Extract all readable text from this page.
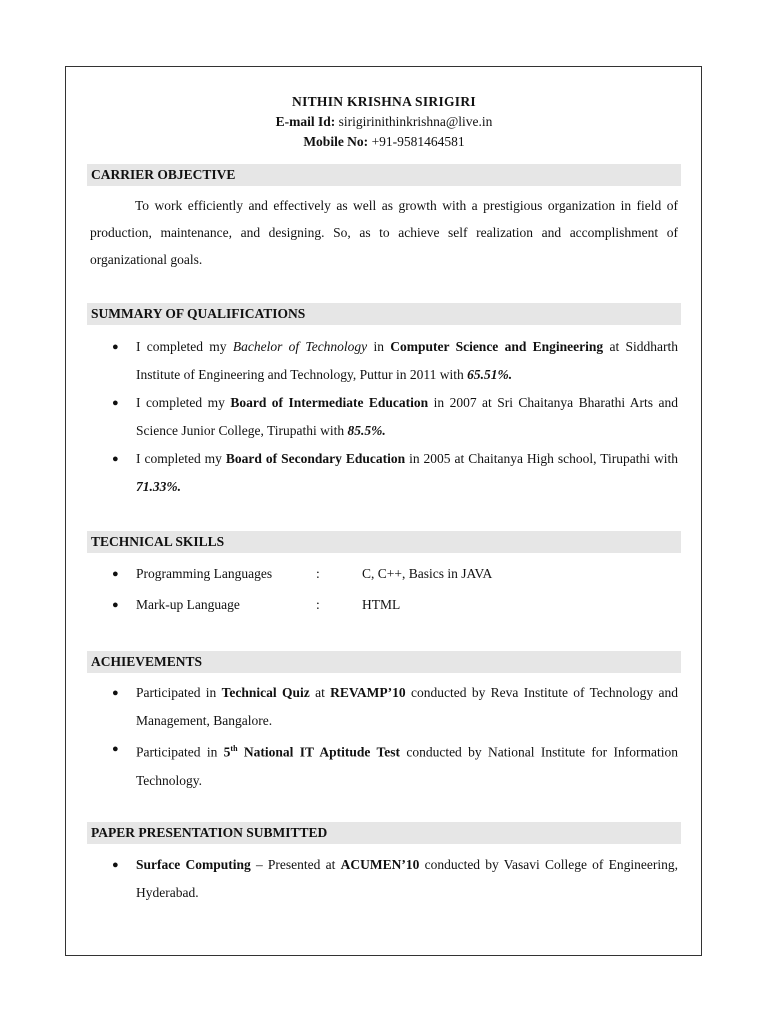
NITHIN KRISHNA SIRIGIRI
E-mail Id: sirigirinithinkrishna@live.in
Mobile No: +91-9581464581
CARRIER OBJECTIVE
To work efficiently and effectively as well as growth with a prestigious organization in field of production, maintenance, and designing. So, as to achieve self realization and accomplishment of organizational goals.
SUMMARY OF QUALIFICATIONS
● I completed my Bachelor of Technology in Computer Science and Engineering at Siddharth Institute of Engineering and Technology, Puttur in 2011 with 65.51%.
● I completed my Board of Intermediate Education in 2007 at Sri Chaitanya Bharathi Arts and Science Junior College, Tirupathi with 85.5%.
● I completed my Board of Secondary Education in 2005 at Chaitanya High school, Tirupathi with 71.33%.
TECHNICAL SKILLS
● Programming Languages	:	C, C++, Basics in JAVA
● Mark-up Language	:	HTML
ACHIEVEMENTS
● Participated in Technical Quiz at REVAMP’10 conducted by Reva Institute of Technology and Management, Bangalore.
● Participated in 5th National IT Aptitude Test conducted by National Institute for Information Technology.
PAPER PRESENTATION SUBMITTED
● Surface Computing – Presented at ACUMEN’10 conducted by Vasavi College of Engineering, Hyderabad.
